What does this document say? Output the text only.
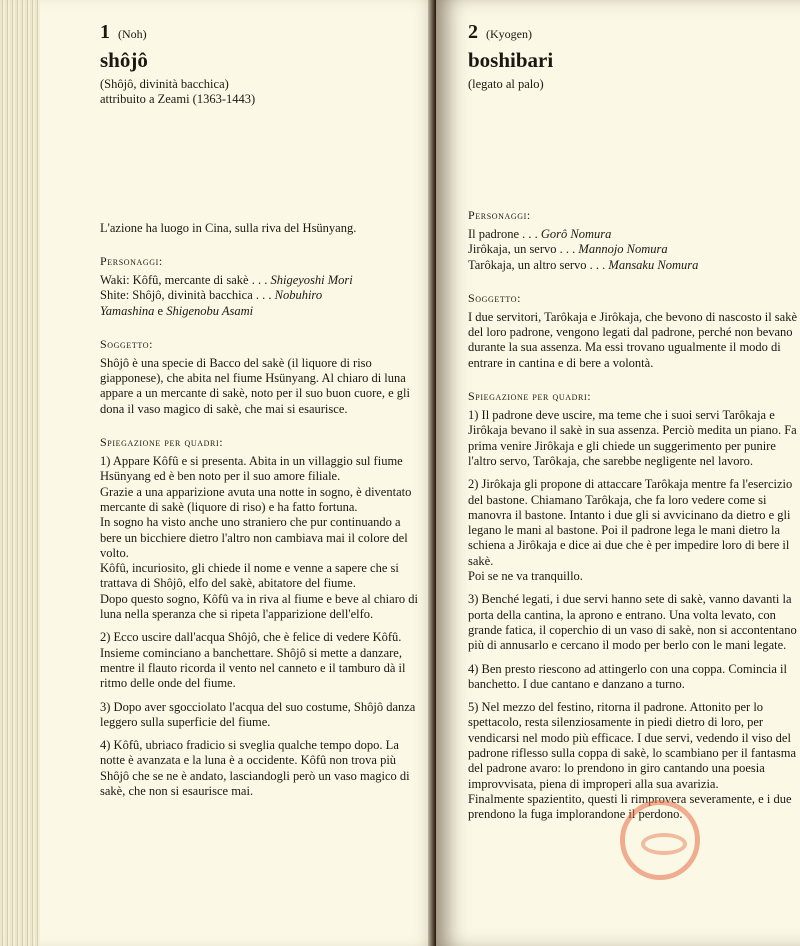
1 (Noh)
shôjô
(Shôjô, divinità bacchica)
attribuito a Zeami (1363-1443)
L'azione ha luogo in Cina, sulla riva del Hsünyang.
Personaggi:
Waki: Kôfû, mercante di sakè . . . Shigeyoshi Mori
Shite: Shôjô, divinità bacchica . . . Nobuhiro
Yamashina e Shigenobu Asami
Soggetto:
Shôjô è una specie di Bacco del sakè (il liquore di riso giapponese), che abita nel fiume Hsünyang. Al chiaro di luna appare a un mercante di sakè, noto per il suo buon cuore, e gli dona il vaso magico di sakè, che mai si esaurisce.
Spiegazione per quadri:
1) Appare Kôfû e si presenta. Abita in un villaggio sul fiume Hsünyang ed è ben noto per il suo amore filiale.
Grazie a una apparizione avuta una notte in sogno, è diventato mercante di sakè (liquore di riso) e ha fatto fortuna.
In sogno ha visto anche uno straniero che pur continuando a bere un bicchiere dietro l'altro non cambiava mai il colore del volto.
Kôfû, incuriosito, gli chiede il nome e venne a sapere che si trattava di Shôjô, elfo del sakè, abitatore del fiume.
Dopo questo sogno, Kôfû va in riva al fiume e beve al chiaro di luna nella speranza che si ripeta l'apparizione dell'elfo.
2) Ecco uscire dall'acqua Shôjô, che è felice di vedere Kôfû. Insieme cominciano a banchettare. Shôjô si mette a danzare, mentre il flauto ricorda il vento nel canneto e il tamburo dà il ritmo delle onde del fiume.
3) Dopo aver sgocciolato l'acqua del suo costume, Shôjô danza leggero sulla superficie del fiume.
4) Kôfû, ubriaco fradicio si sveglia qualche tempo dopo. La notte è avanzata e la luna è a occidente. Kôfû non trova più Shôjô che se ne è andato, lasciandogli però un vaso magico di sakè, che non si esaurisce mai.
2 (Kyogen)
boshibari
(legato al palo)
Personaggi:
Il padrone . . . Gorô Nomura
Jirôkaja, un servo . . . Mannojo Nomura
Tarôkaja, un altro servo . . . Mansaku Nomura
Soggetto:
I due servitori, Tarôkaja e Jirôkaja, che bevono di nascosto il sakè del loro padrone, vengono legati dal padrone, perché non bevano durante la sua assenza. Ma essi trovano ugualmente il modo di entrare in cantina e di bere a volontà.
Spiegazione per quadri:
1) Il padrone deve uscire, ma teme che i suoi servi Tarôkaja e Jirôkaja bevano il sakè in sua assenza. Perciò medita un piano. Fa prima venire Jirôkaja e gli chiede un suggerimento per punire l'altro servo, Tarôkaja, che sarebbe negligente nel lavoro.
2) Jirôkaja gli propone di attaccare Tarôkaja mentre fa l'esercizio del bastone. Chiamano Tarôkaja, che fa loro vedere come si manovra il bastone. Intanto i due gli si avvicinano da dietro e gli legano le mani al bastone. Poi il padrone lega le mani dietro la schiena a Jirôkaja e dice ai due che è per impedire loro di bere il sakè.
Poi se ne va tranquillo.
3) Benché legati, i due servi hanno sete di sakè, vanno davanti la porta della cantina, la aprono e entrano. Una volta levato, con grande fatica, il coperchio di un vaso di sakè, non si accontentano più di annusarlo e cercano il modo per berlo con le mani legate.
4) Ben presto riescono ad attingerlo con una coppa. Comincia il banchetto. I due cantano e danzano a turno.
5) Nel mezzo del festino, ritorna il padrone. Attonito per lo spettacolo, resta silenziosamente in piedi dietro di loro, per vendicarsi nel modo più efficace. I due servi, vedendo il viso del padrone riflesso sulla coppa di sakè, lo scambiano per il fantasma del padrone avaro: lo prendono in giro cantando una poesia improvvisata, piena di improperi alla sua avarizia.
Finalmente spazientito, questi li rimprovera severamente, e i due prendono la fuga implorandone il perdono.
